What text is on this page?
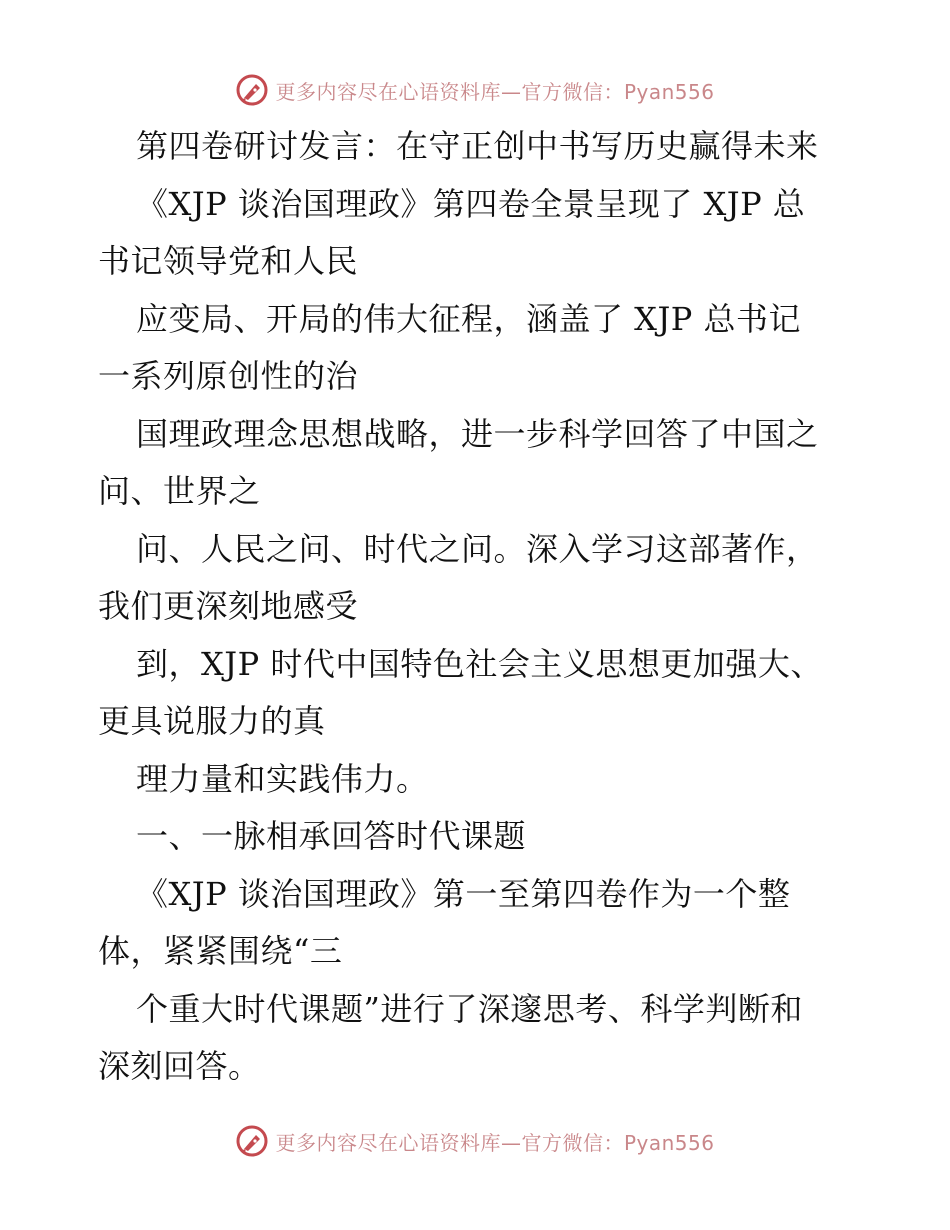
更多内容尽在心语资料库—官方微信：Pyan556
第四卷研讨发言：在守正创中书写历史赢得未来
《XJP 谈治国理政》第四卷全景呈现了 XJP 总
书记领导党和人民
应变局、开局的伟大征程，涵盖了 XJP 总书记
一系列原创性的治
国理政理念思想战略，进一步科学回答了中国之
问、世界之
问、人民之问、时代之问。深入学习这部著作，
我们更深刻地感受
到，XJP 时代中国特色社会主义思想更加强大、
更具说服力的真
理力量和实践伟力。
一、一脉相承回答时代课题
《XJP 谈治国理政》第一至第四卷作为一个整
体，紧紧围绕“三
个重大时代课题”进行了深邃思考、科学判断和
深刻回答。
更多内容尽在心语资料库—官方微信：Pyan556
